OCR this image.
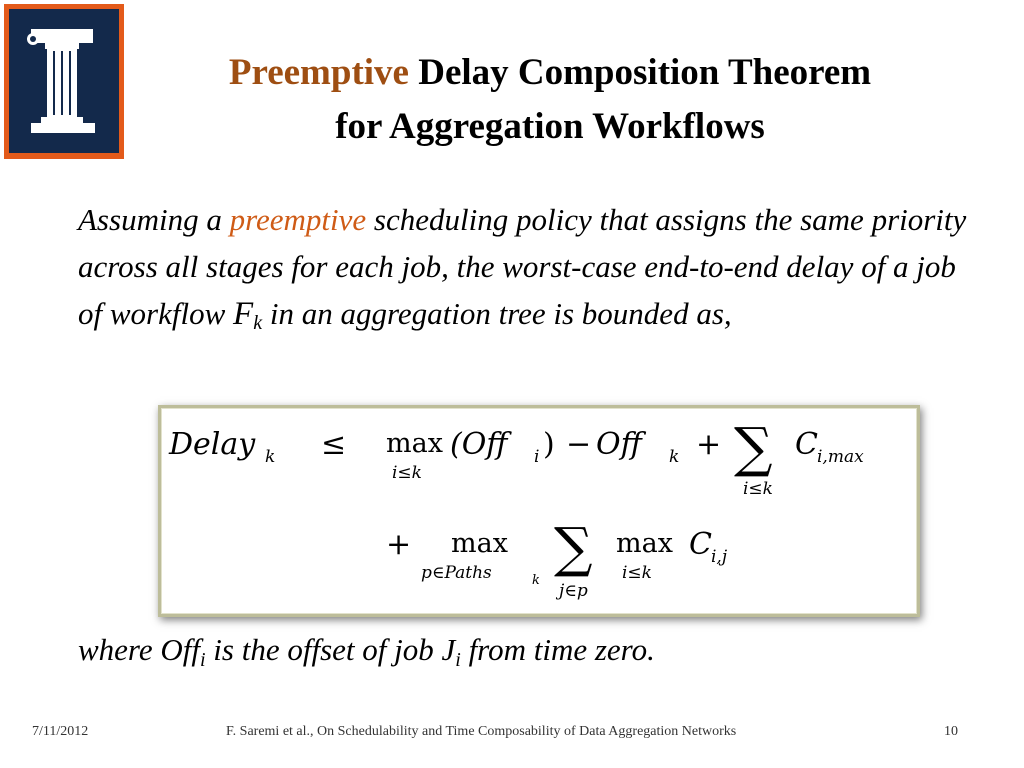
Preemptive Delay Composition Theorem
for Aggregation Workflows
Assuming a preemptive scheduling policy that assigns the same priority across all stages for each job, the worst-case end-to-end delay of a job of workflow $F_k$ in an aggregation tree is bounded as,
Delay k ≤ max
i≤k
(Off i ) − Off k + ∑
i≤k
C i,max
+ max
p∈Paths	k
∑
j∈p
max
i≤k
C i,j
where Off$_i$ is the offset of job $J_i$ from time zero.
7/11/2012	F. Saremi et al., On Schedulability and Time Composability of Data Aggregation Networks	10
